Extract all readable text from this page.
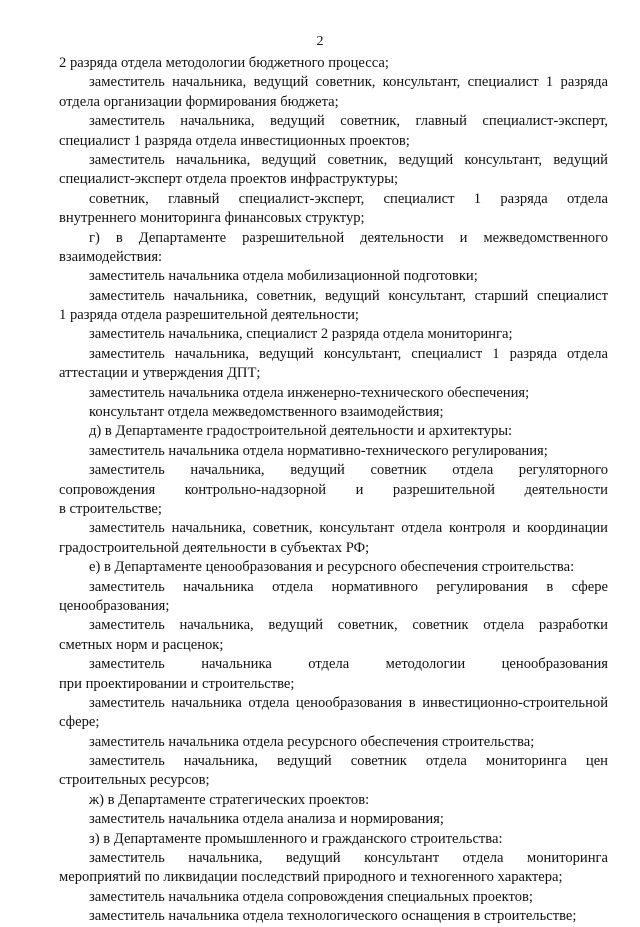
2
2 разряда отдела методологии бюджетного процесса;
заместитель начальника, ведущий советник, консультант, специалист 1 разряда
отдела организации формирования бюджета;
заместитель начальника, ведущий советник, главный специалист-эксперт,
специалист 1 разряда отдела инвестиционных проектов;
заместитель начальника, ведущий советник, ведущий консультант, ведущий
специалист-эксперт отдела проектов инфраструктуры;
советник, главный специалист-эксперт, специалист 1 разряда отдела
внутреннего мониторинга финансовых структур;
г) в Департаменте разрешительной деятельности и межведомственного
взаимодействия:
заместитель начальника отдела мобилизационной подготовки;
заместитель начальника, советник, ведущий консультант, старший специалист
1 разряда отдела разрешительной деятельности;
заместитель начальника, специалист 2 разряда отдела мониторинга;
заместитель начальника, ведущий консультант, специалист 1 разряда отдела
аттестации и утверждения ДПТ;
заместитель начальника отдела инженерно-технического обеспечения;
консультант отдела межведомственного взаимодействия;
д) в Департаменте градостроительной деятельности и архитектуры:
заместитель начальника отдела нормативно-технического регулирования;
заместитель начальника, ведущий советник отдела регуляторного
сопровождения контрольно-надзорной и разрешительной деятельности
в строительстве;
заместитель начальника, советник, консультант отдела контроля и координации
градостроительной деятельности в субъектах РФ;
е) в Департаменте ценообразования и ресурсного обеспечения строительства:
заместитель начальника отдела нормативного регулирования в сфере
ценообразования;
заместитель начальника, ведущий советник, советник отдела разработки
сметных норм и расценок;
заместитель начальника отдела методологии ценообразования
при проектировании и строительстве;
заместитель начальника отдела ценообразования в инвестиционно-строительной
сфере;
заместитель начальника отдела ресурсного обеспечения строительства;
заместитель начальника, ведущий советник отдела мониторинга цен
строительных ресурсов;
ж) в Департаменте стратегических проектов:
заместитель начальника отдела анализа и нормирования;
з) в Департаменте промышленного и гражданского строительства:
заместитель начальника, ведущий консультант отдела мониторинга
мероприятий по ликвидации последствий природного и техногенного характера;
заместитель начальника отдела сопровождения специальных проектов;
заместитель начальника отдела технологического оснащения в строительстве;
